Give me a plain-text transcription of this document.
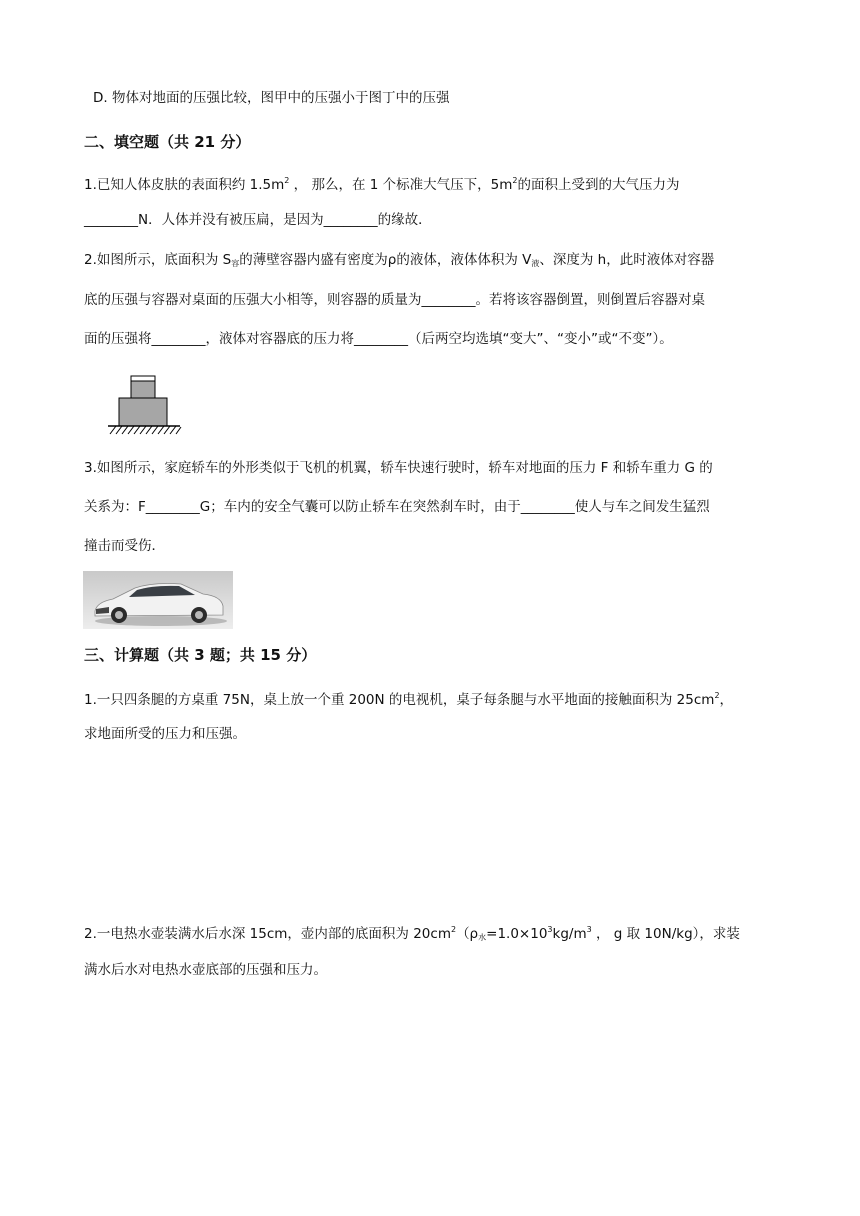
D. 物体对地面的压强比较，图甲中的压强小于图丁中的压强
二、填空题（共 21 分）
1.已知人体皮肤的表面积约 $1.5m^2$ ， 那么，在 1 个标准大气压下，$5m^2$的面积上受到的大气压力为
________N．人体并没有被压扁，是因为________的缘故．
2.如图所示，底面积为 $S_容$的薄壁容器内盛有密度为ρ的液体，液体体积为 $V_液$、深度为 h，此时液体对容器
底的压强与容器对桌面的压强大小相等，则容器的质量为________。若将该容器倒置，则倒置后容器对桌
面的压强将________，液体对容器底的压力将________（后两空均选填“变大”、“变小”或“不变”）。
3.如图所示，家庭轿车的外形类似于飞机的机翼，轿车快速行驶时，轿车对地面的压力 F 和轿车重力 G 的
关系为：F________G；车内的安全气囊可以防止轿车在突然刹车时，由于________使人与车之间发生猛烈
撞击而受伤．
三、计算题（共 3 题；共 15 分）
1.一只四条腿的方桌重 75N，桌上放一个重 200N 的电视机，桌子每条腿与水平地面的接触面积为 $25cm^2$，
求地面所受的压力和压强。
2.一电热水壶装满水后水深 15cm，壶内部的底面积为 $20cm^2(\rho_水=1.0\times 10^3kg/m^3$ ， g 取 10N/kg），求装
满水后水对电热水壶底部的压强和压力。
